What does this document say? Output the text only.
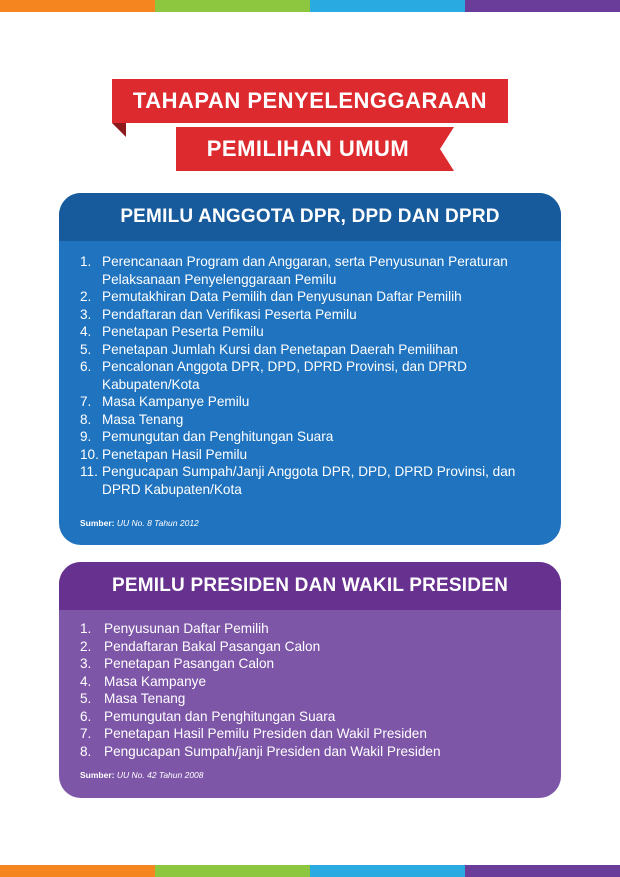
TAHAPAN PENYELENGGARAAN
PEMILIHAN UMUM
PEMILU ANGGOTA DPR, DPD DAN DPRD
1. Perencanaan Program dan Anggaran, serta Penyusunan Peraturan Pelaksanaan Penyelenggaraan Pemilu
2. Pemutakhiran Data Pemilih dan Penyusunan Daftar Pemilih
3. Pendaftaran dan Verifikasi Peserta Pemilu
4. Penetapan Peserta Pemilu
5. Penetapan Jumlah Kursi dan Penetapan Daerah Pemilihan
6. Pencalonan Anggota DPR, DPD, DPRD Provinsi, dan DPRD Kabupaten/Kota
7. Masa Kampanye Pemilu
8. Masa Tenang
9. Pemungutan dan Penghitungan Suara
10. Penetapan Hasil Pemilu
11. Pengucapan Sumpah/Janji Anggota DPR, DPD, DPRD Provinsi, dan DPRD Kabupaten/Kota
Sumber: UU No. 8 Tahun 2012
PEMILU PRESIDEN DAN WAKIL PRESIDEN
1. Penyusunan Daftar Pemilih
2. Pendaftaran Bakal Pasangan Calon
3. Penetapan Pasangan Calon
4. Masa Kampanye
5. Masa Tenang
6. Pemungutan dan Penghitungan Suara
7. Penetapan Hasil Pemilu Presiden dan Wakil Presiden
8. Pengucapan Sumpah/janji Presiden dan Wakil Presiden
Sumber: UU No. 42 Tahun 2008
